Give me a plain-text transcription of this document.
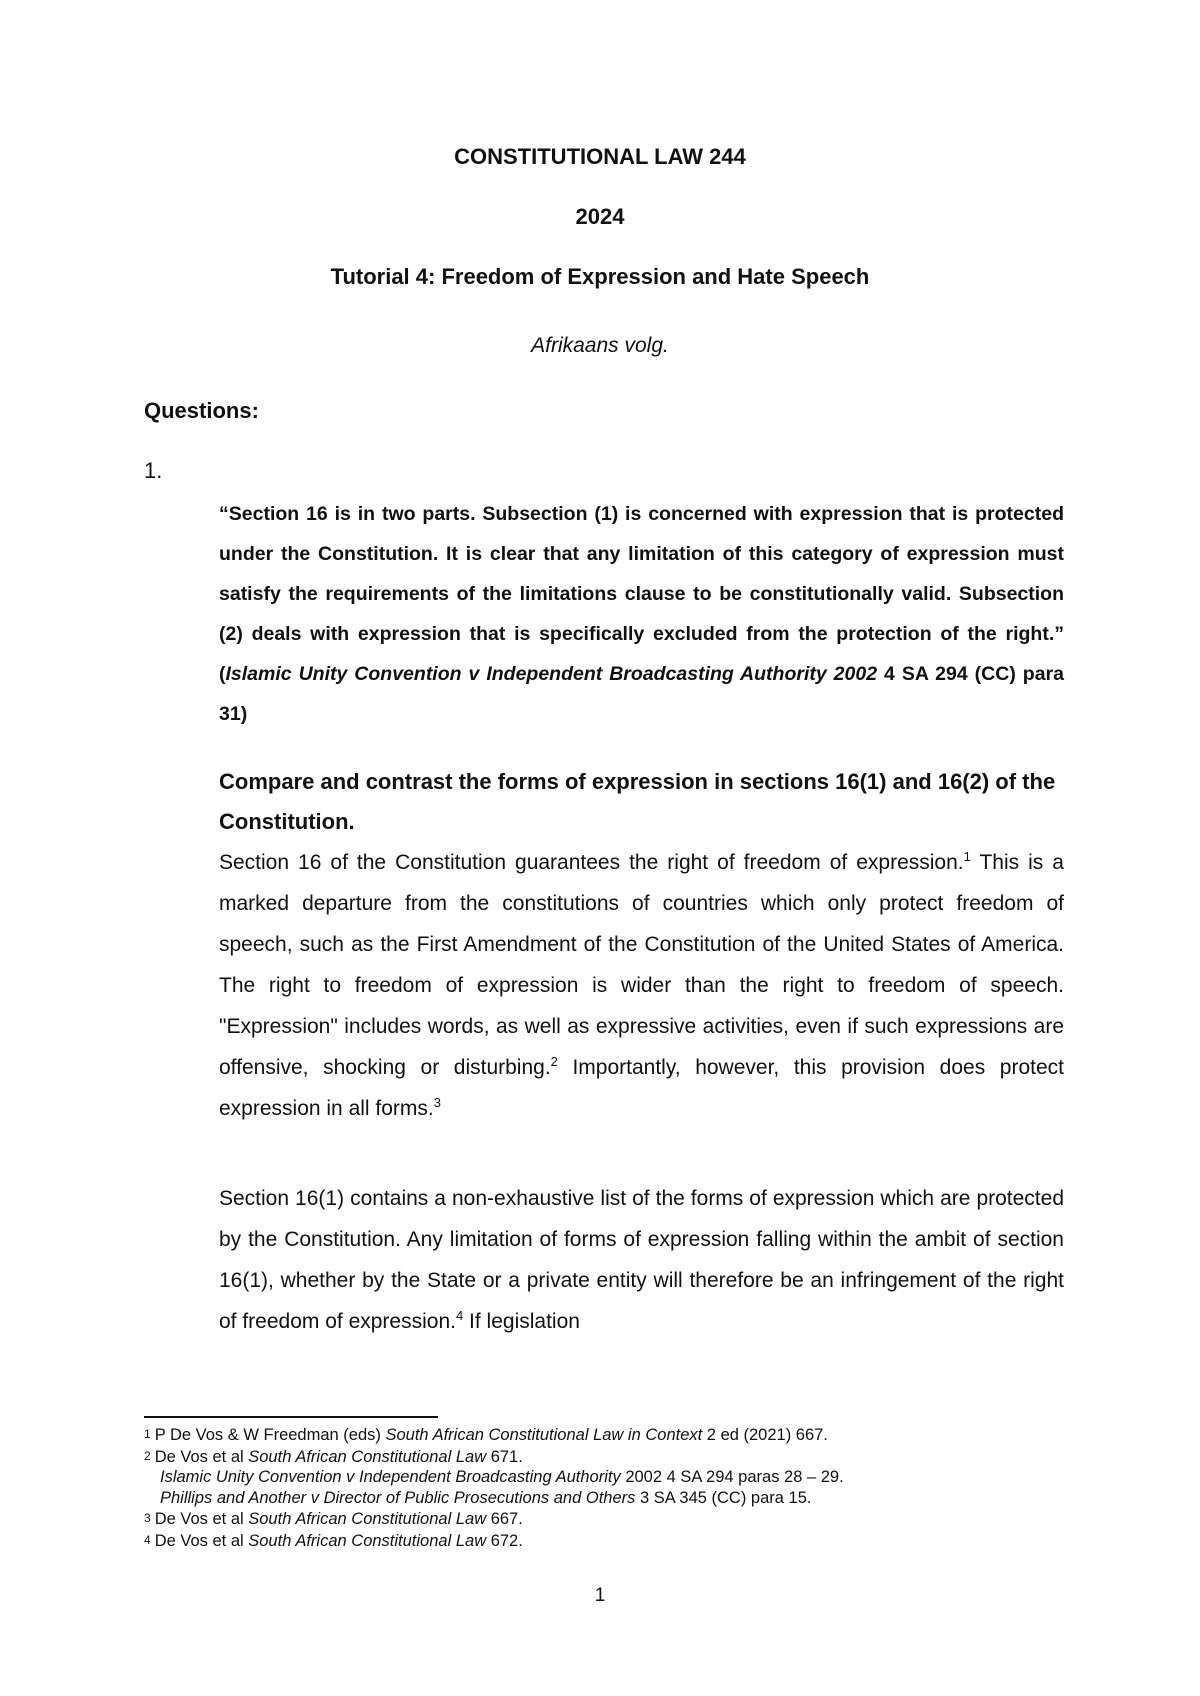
CONSTITUTIONAL LAW 244
2024
Tutorial 4: Freedom of Expression and Hate Speech
Afrikaans volg.
Questions:
1.
“Section 16 is in two parts. Subsection (1) is concerned with expression that is protected under the Constitution. It is clear that any limitation of this category of expression must satisfy the requirements of the limitations clause to be constitutionally valid. Subsection (2) deals with expression that is specifically excluded from the protection of the right.” (Islamic Unity Convention v Independent Broadcasting Authority 2002 4 SA 294 (CC) para 31)
Compare and contrast the forms of expression in sections 16(1) and 16(2) of the Constitution.
Section 16 of the Constitution guarantees the right of freedom of expression.$^1$ This is a marked departure from the constitutions of countries which only protect freedom of speech, such as the First Amendment of the Constitution of the United States of America. The right to freedom of expression is wider than the right to freedom of speech. "Expression" includes words, as well as expressive activities, even if such expressions are offensive, shocking or disturbing.$^2$ Importantly, however, this provision does protect expression in all forms.$^3$
Section 16(1) contains a non-exhaustive list of the forms of expression which are protected by the Constitution. Any limitation of forms of expression falling within the ambit of section 16(1), whether by the State or a private entity will therefore be an infringement of the right of freedom of expression.$^4$ If legislation
1 P De Vos & W Freedman (eds) South African Constitutional Law in Context 2 ed (2021) 667.
2 De Vos et al South African Constitutional Law 671.
Islamic Unity Convention v Independent Broadcasting Authority 2002 4 SA 294 paras 28 – 29.
Phillips and Another v Director of Public Prosecutions and Others 3 SA 345 (CC) para 15.
3 De Vos et al South African Constitutional Law 667.
4 De Vos et al South African Constitutional Law 672.
1
